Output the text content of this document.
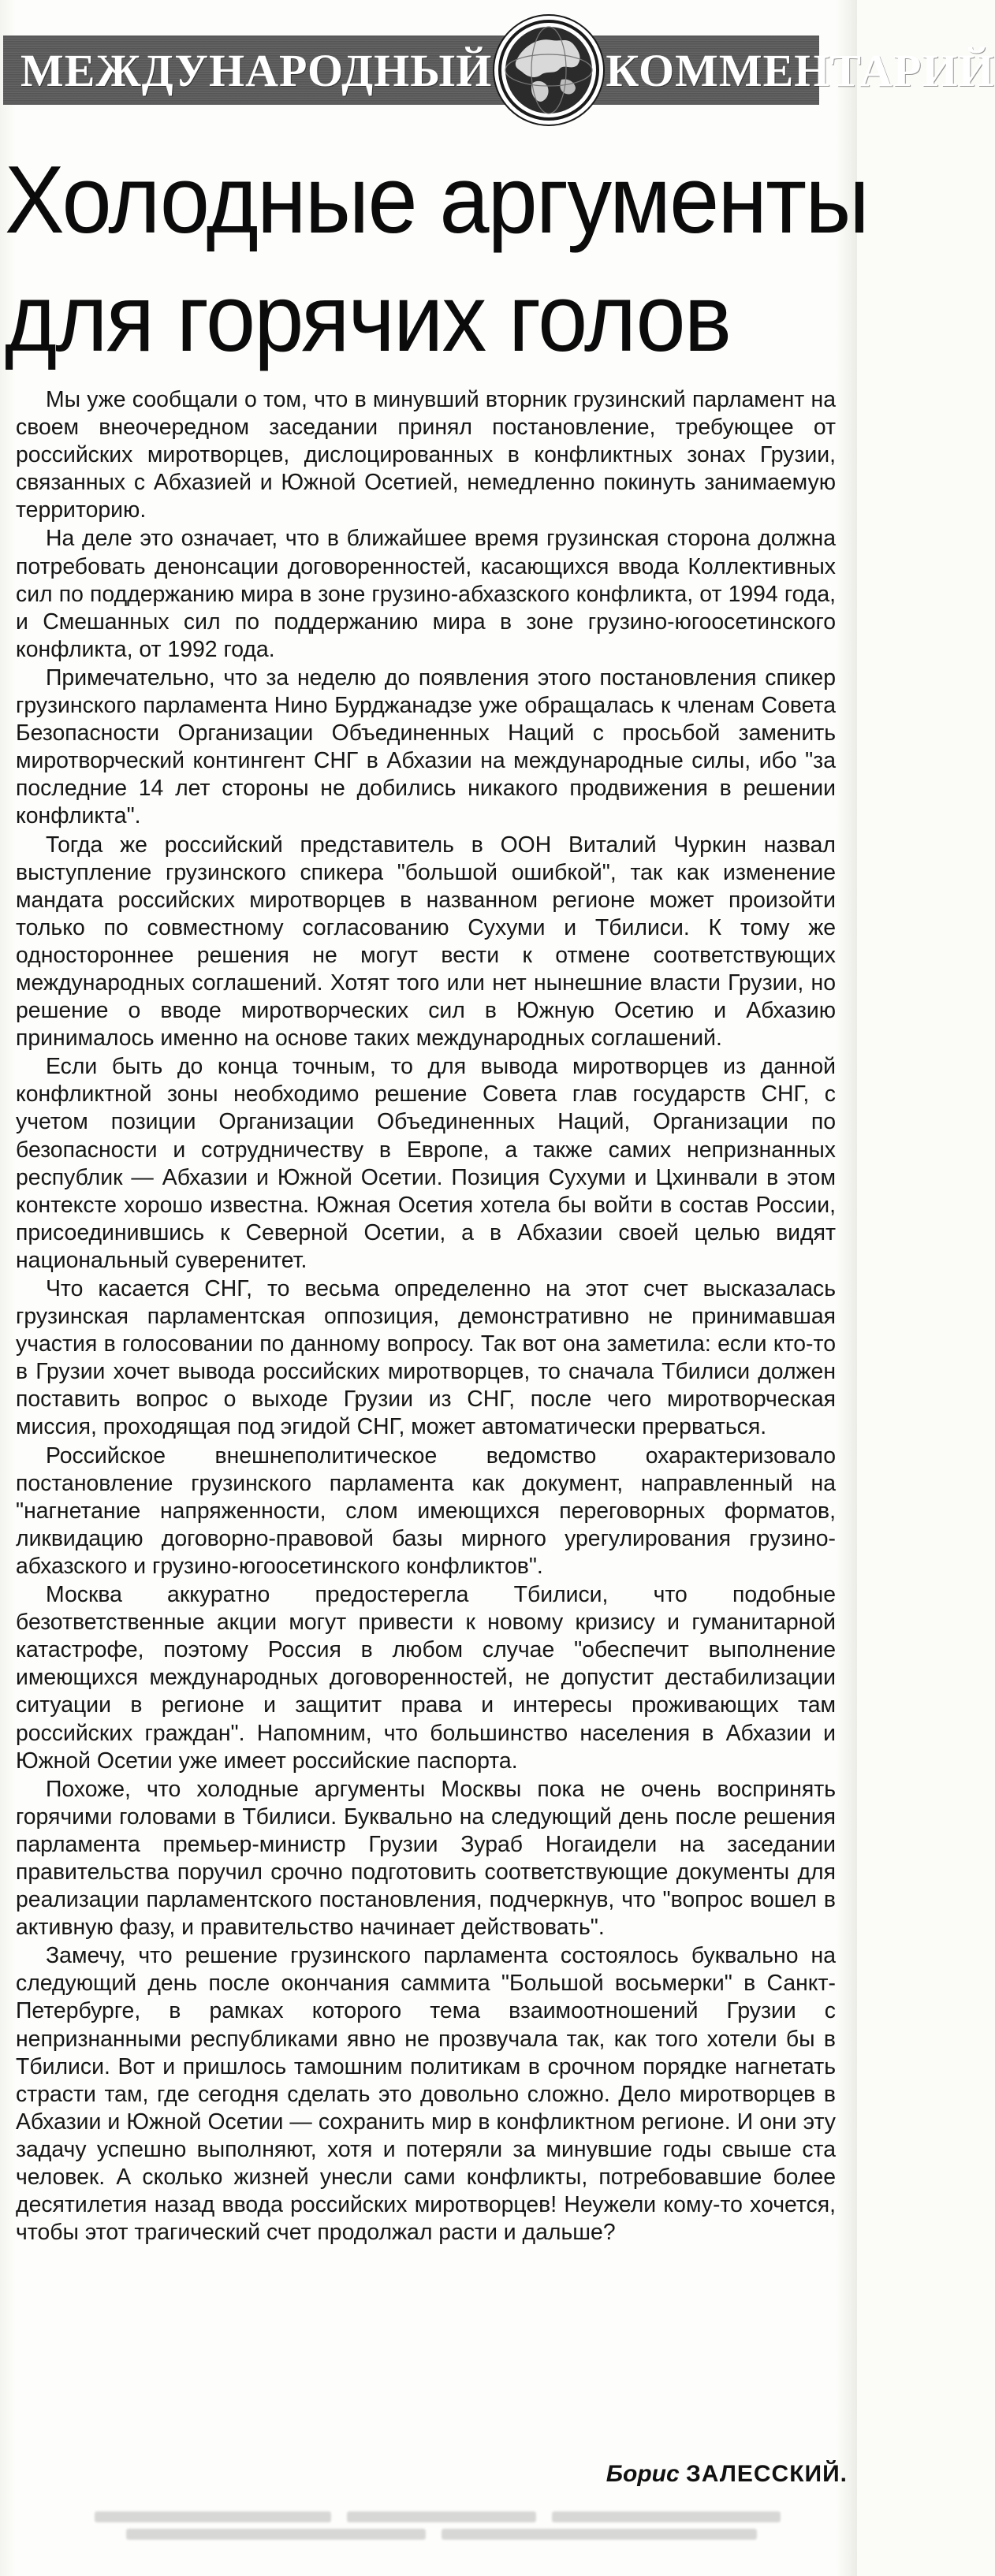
МЕЖДУНАРОДНЫЙ КОММЕНТАРИЙ
Холодные аргументы
для горячих голов

Мы уже сообщали о том, что в минувший вторник грузинский парламент на своем внеочередном заседании принял постановление, требующее от российских миротворцев, дислоцированных в конфликтных зонах Грузии, связанных с Абхазией и Южной Осетией, немедленно покинуть занимаемую территорию.

На деле это означает, что в ближайшее время грузинская сторона должна потребовать денонсации договоренностей, касающихся ввода Коллективных сил по поддержанию мира в зоне грузино-абхазского конфликта, от 1994 года, и Смешанных сил по поддержанию мира в зоне грузино-югоосетинского конфликта, от 1992 года.

Примечательно, что за неделю до появления этого постановления спикер грузинского парламента Нино Бурджанадзе уже обращалась к членам Совета Безопасности Организации Объединенных Наций с просьбой заменить миротворческий контингент СНГ в Абхазии на международные силы, ибо "за последние 14 лет стороны не добились никакого продвижения в решении конфликта".

Тогда же российский представитель в ООН Виталий Чуркин назвал выступление грузинского спикера "большой ошибкой", так как изменение мандата российских миротворцев в названном регионе может произойти только по совместному согласованию Сухуми и Тбилиси. К тому же одностороннее решения не могут вести к отмене соответствующих международных соглашений. Хотят того или нет нынешние власти Грузии, но решение о вводе миротворческих сил в Южную Осетию и Абхазию принималось именно на основе таких международных соглашений.

Если быть до конца точным, то для вывода миротворцев из данной конфликтной зоны необходимо решение Совета глав государств СНГ, с учетом позиции Организации Объединенных Наций, Организации по безопасности и сотрудничеству в Европе, а также самих непризнанных республик — Абхазии и Южной Осетии. Позиция Сухуми и Цхинвали в этом контексте хорошо известна. Южная Осетия хотела бы войти в состав России, присоединившись к Северной Осетии, а в Абхазии своей целью видят национальный суверенитет.

Что касается СНГ, то весьма определенно на этот счет высказалась грузинская парламентская оппозиция, демонстративно не принимавшая участия в голосовании по данному вопросу. Так вот она заметила: если кто-то в Грузии хочет вывода российских миротворцев, то сначала Тбилиси должен поставить вопрос о выходе Грузии из СНГ, после чего миротворческая миссия, проходящая под эгидой СНГ, может автоматически прерваться.

Российское внешнеполитическое ведомство охарактеризовало постановление грузинского парламента как документ, направленный на "нагнетание напряженности, слом имеющихся переговорных форматов, ликвидацию договорно-правовой базы мирного урегулирования грузино-абхазского и грузино-югоосетинского конфликтов".

Москва аккуратно предостерегла Тбилиси, что подобные безответственные акции могут привести к новому кризису и гуманитарной катастрофе, поэтому Россия в любом случае "обеспечит выполнение имеющихся международных договоренностей, не допустит дестабилизации ситуации в регионе и защитит права и интересы проживающих там российских граждан". Напомним, что большинство населения в Абхазии и Южной Осетии уже имеет российские паспорта.

Похоже, что холодные аргументы Москвы пока не очень воспринять горячими головами в Тбилиси. Буквально на следующий день после решения парламента премьер-министр Грузии Зураб Ногаидели на заседании правительства поручил срочно подготовить соответствующие документы для реализации парламентского постановления, подчеркнув, что "вопрос вошел в активную фазу, и правительство начинает действовать".

Замечу, что решение грузинского парламента состоялось буквально на следующий день после окончания саммита "Большой восьмерки" в Санкт-Петербурге, в рамках которого тема взаимоотношений Грузии с непризнанными республиками явно не прозвучала так, как того хотели бы в Тбилиси. Вот и пришлось тамошним политикам в срочном порядке нагнетать страсти там, где сегодня сделать это довольно сложно. Дело миротворцев в Абхазии и Южной Осетии — сохранить мир в конфликтном регионе. И они эту задачу успешно выполняют, хотя и потеряли за минувшие годы свыше ста человек. А сколько жизней унесли сами конфликты, потребовавшие более десятилетия назад ввода российских миротворцев! Неужели кому-то хочется, чтобы этот трагический счет продолжал расти и дальше?

Борис ЗАЛЕССКИЙ.
